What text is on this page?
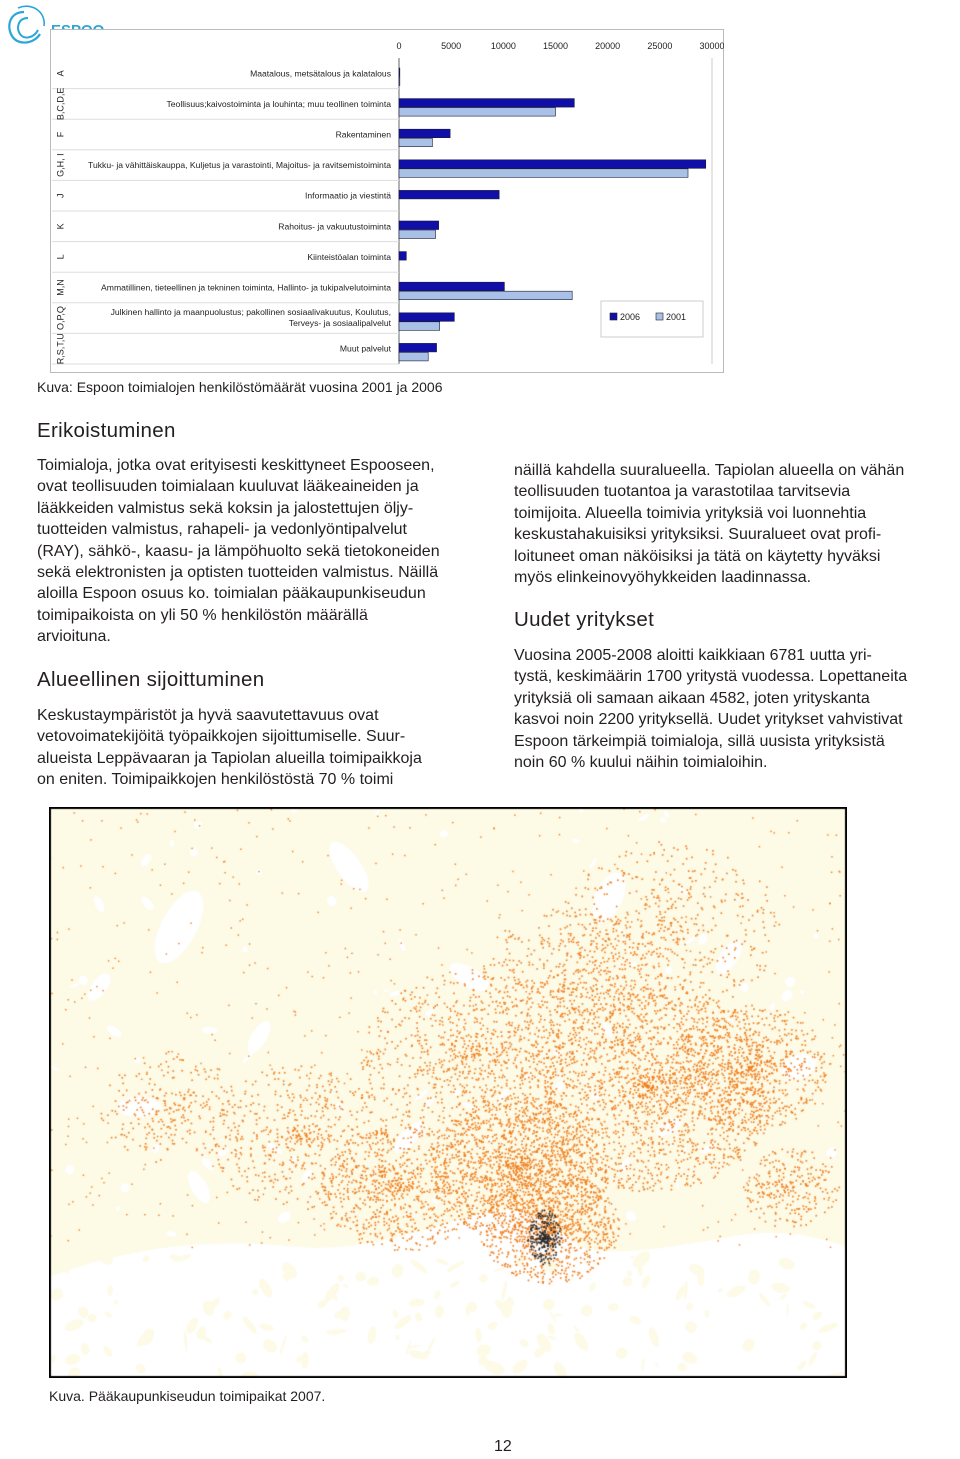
0	5000	10000	15000	20000	25000	30000
A	Maatalous, metsätalous ja kalatalous
B,C,D,E	Teollisuus;kaivostoiminta ja louhinta; muu teollinen toiminta
F	Rakentaminen
G,H, I	Tukku- ja vähittäiskauppa, Kuljetus ja varastointi, Majoitus- ja ravitsemistoiminta
J	Informaatio ja viestintä
K	Rahoitus- ja vakuutustoiminta
L	Kiinteistöalan toiminta
M,N	Ammatillinen, tieteellinen ja tekninen toiminta, Hallinto- ja tukipalvelutoiminta
O,P,Q	Julkinen hallinto ja maanpuolustus; pakollinen sosiaalivakuutus, Koulutus,
Terveys- ja sosiaalipalvelut
R,S,T,U	Muut palvelut
2006	2001
Kuva: Espoon toimialojen henkilöstömäärät vuosina 2001 ja 2006
Erikoistuminen
Toimialoja, jotka ovat erityisesti keskittyneet Espooseen,
ovat teollisuuden toimialaan kuuluvat lääkeaineiden ja
lääkkeiden valmistus sekä koksin ja jalostettujen öljy-
tuotteiden valmistus, rahapeli- ja vedonlyöntipalvelut
(RAY), sähkö-, kaasu- ja lämpöhuolto sekä tietokoneiden
sekä elektronisten ja optisten tuotteiden valmistus. Näillä
aloilla Espoon osuus ko. toimialan pääkaupunkiseudun
toimipaikoista on yli 50 % henkilöstön määrällä
arvioituna.
Alueellinen sijoittuminen
Keskustaympäristöt ja hyvä saavutettavuus ovat
vetovoimatekijöitä työpaikkojen sijoittumiselle. Suur-
alueista Leppävaaran ja Tapiolan alueilla toimipaikkoja
on eniten. Toimipaikkojen henkilöstöstä 70 % toimi
näillä kahdella suuralueella. Tapiolan alueella on vähän
teollisuuden tuotantoa ja varastotilaa tarvitsevia
toimijoita. Alueella toimivia yrityksiä voi luonnehtia
keskustahakuisiksi yrityksiksi. Suuralueet ovat profi-
loituneet oman näköisiksi ja tätä on käytetty hyväksi
myös elinkeinovyöhykkeiden laadinnassa.
Uudet yritykset
Vuosina 2005-2008 aloitti kaikkiaan 6781 uutta yri-
tystä, keskimäärin 1700 yritystä vuodessa. Lopettaneita
yrityksiä oli samaan aikaan 4582, joten yrityskanta
kasvoi noin 2200 yrityksellä. Uudet yritykset vahvistivat
Espoon tärkeimpiä toimialoja, sillä uusista yrityksistä
noin 60 % kuului näihin toimialoihin.
Kuva. Pääkaupunkiseudun toimipaikat 2007.
12
